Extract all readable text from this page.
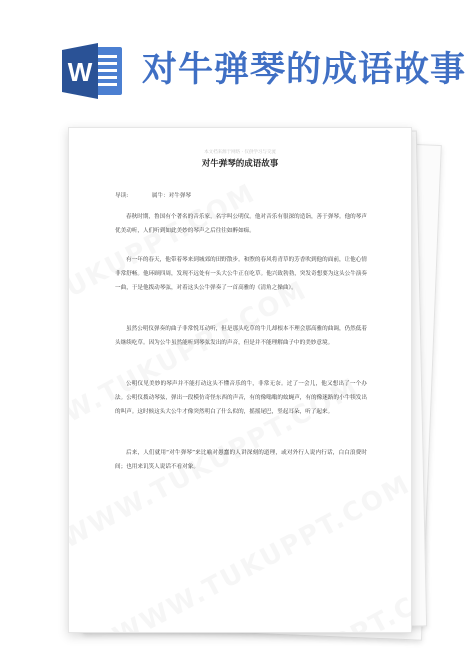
W 对牛弹琴的成语故事
本文档来源于网络 · 仅供学习与交流
对牛弹琴的成语故事
导读:	属牛：对牛弹琴

春秋时期，鲁国有个著名的音乐家，名字叫公明仪。他对音乐有很深的造诣，善于弹琴。他的琴声优美动听，人们听到如此美妙的琴声之后往往如醉如痴。

有一年的春天，他带着琴来到城郊的田野散步。和煦的春风将青草的芳香吹到他的面前，让他心情非常舒畅。他环顾四周，发现不远处有一头大公牛正在吃草。他兴致勃勃，突发奇想要为这头公牛演奏一曲，于是他拨动琴弦，对着这头公牛弹奏了一首高雅的《清角之操曲》。

虽然公明仪弹奏的曲子非常悦耳动听，但是那头吃草的牛儿却根本不理会那高雅的曲调，仍然低着头继续吃草。因为公牛虽然能听到琴弦发出的声音，但是并不能理解曲子中的美妙意境。

公明仪见美妙的琴声并不能打动这头不懂音乐的牛，非常无奈。过了一会儿，他又想出了一个办法。公明仪拨动琴弦，弹出一段模仿奇怪东西的声音，有的像嗡嗡的蚊蝇声，有的像迷路的小牛犊发出的叫声。这时候这头大公牛才像突然明白了什么似的，摇摇尾巴，竖起耳朵，听了起来。

后来，人们就用“对牛弹琴”来比喻对愚蠢的人讲深刻的道理，或对外行人说内行话，白白浪费时间；也用来讥笑人说话不看对象。
